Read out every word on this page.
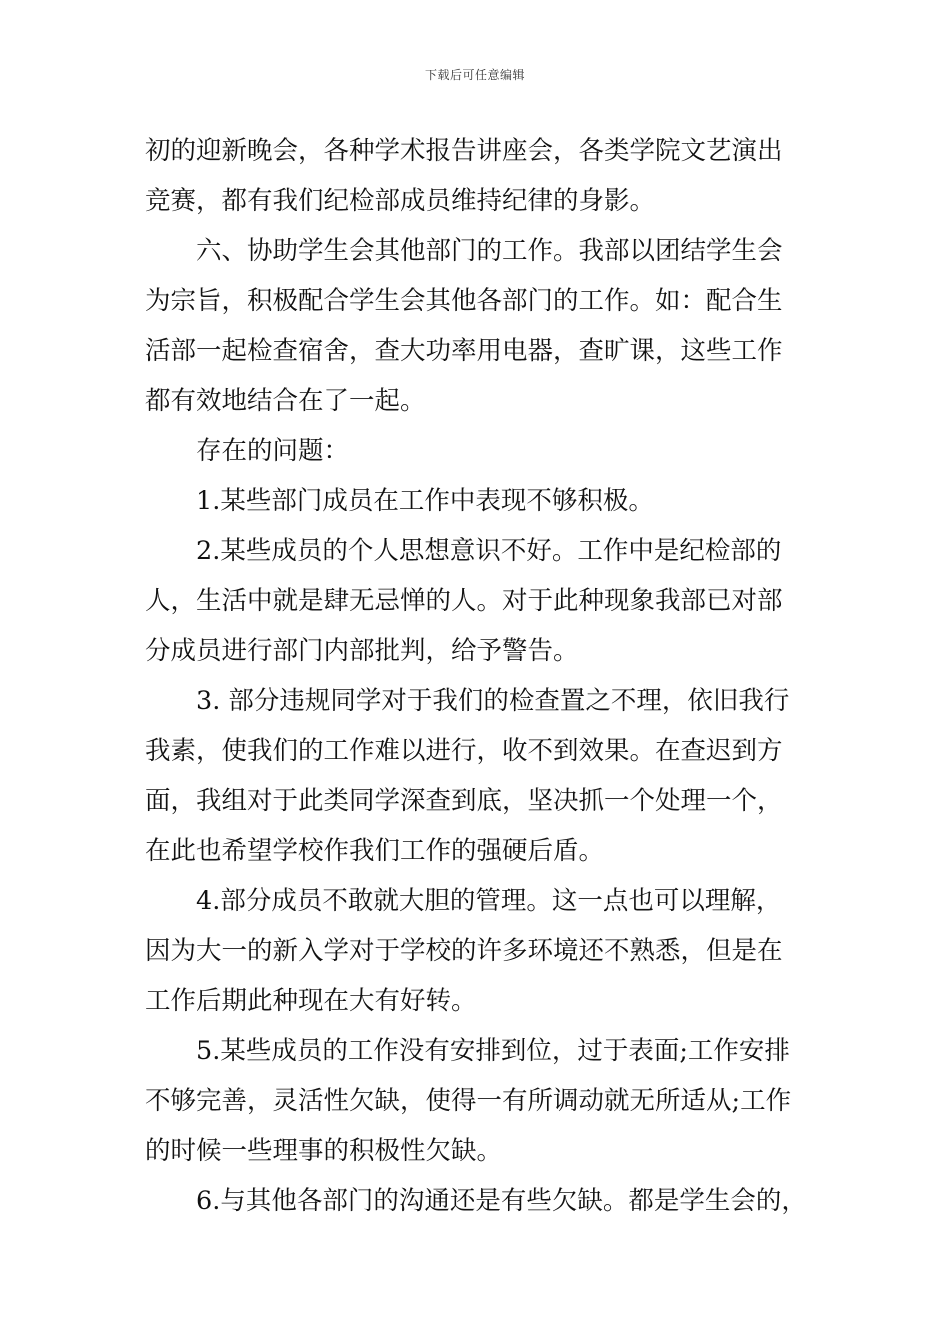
下载后可任意编辑
初的迎新晚会，各种学术报告讲座会，各类学院文艺演出
竞赛，都有我们纪检部成员维持纪律的身影。
六、协助学生会其他部门的工作。我部以团结学生会
为宗旨，积极配合学生会其他各部门的工作。如：配合生
活部一起检查宿舍，查大功率用电器，查旷课，这些工作
都有效地结合在了一起。
存在的问题：
1.某些部门成员在工作中表现不够积极。
2.某些成员的个人思想意识不好。工作中是纪检部的
人，生活中就是肆无忌惮的人。对于此种现象我部已对部
分成员进行部门内部批判，给予警告。
3. 部分违规同学对于我们的检查置之不理，依旧我行
我素，使我们的工作难以进行，收不到效果。在查迟到方
面，我组对于此类同学深查到底，坚决抓一个处理一个，
在此也希望学校作我们工作的强硬后盾。
4.部分成员不敢就大胆的管理。这一点也可以理解，
因为大一的新入学对于学校的许多环境还不熟悉，但是在
工作后期此种现在大有好转。
5.某些成员的工作没有安排到位，过于表面;工作安排
不够完善，灵活性欠缺，使得一有所调动就无所适从;工作
的时候一些理事的积极性欠缺。
6.与其他各部门的沟通还是有些欠缺。都是学生会的，
